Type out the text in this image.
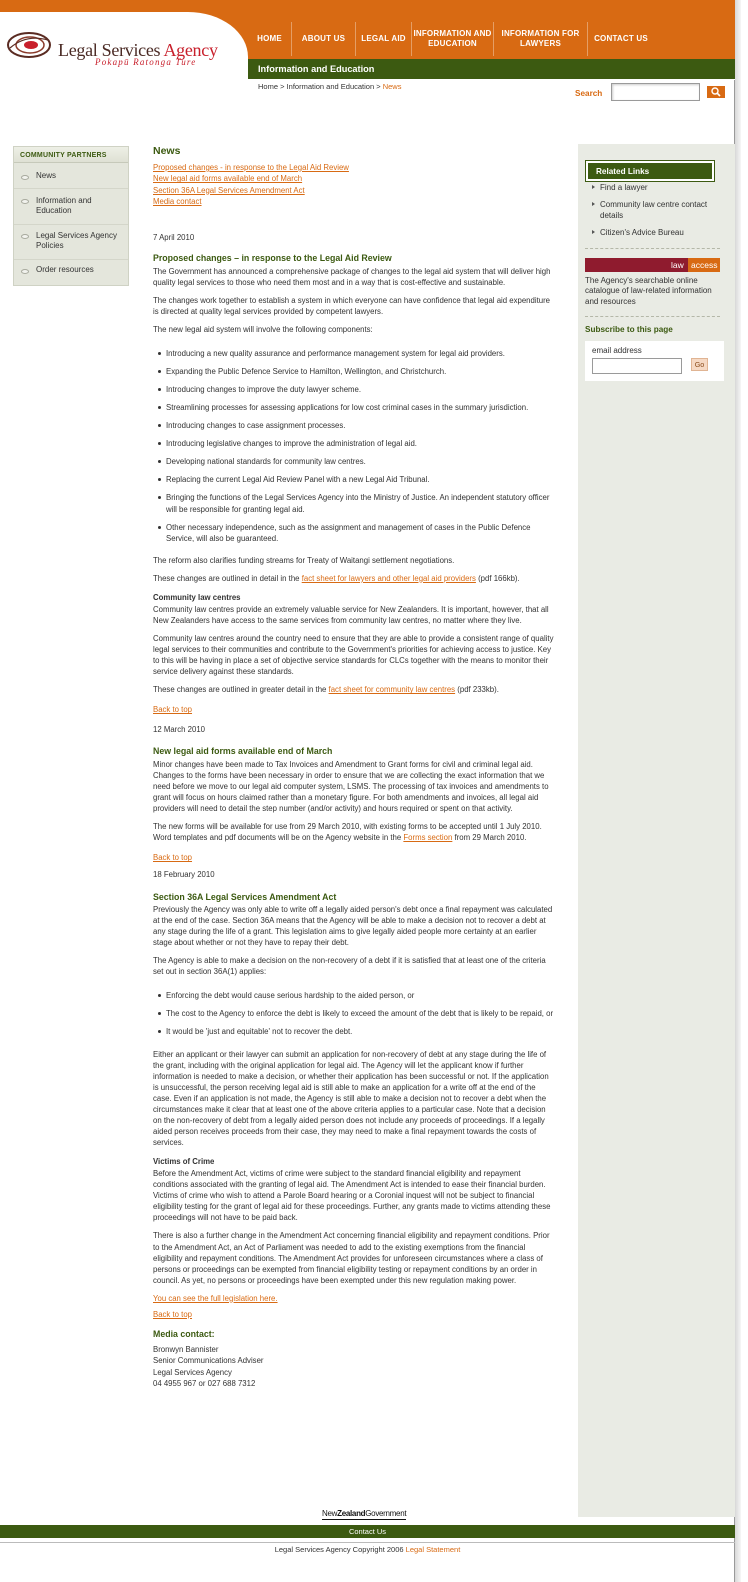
Legal Services Agency
Pokapū Ratonga Ture
HOME	ABOUT US	LEGAL AID
INFORMATION AND EDUCATION
INFORMATION FOR LAWYERS
CONTACT US
Information and Education
Home > Information and Education > News
Search
COMMUNITY PARTNERS
News
Information and Education
Legal Services Agency Policies
Order resources
Related Links
Find a lawyer
Community law centre contact details
Citizen's Advice Bureau
law access
The Agency's searchable online catalogue of law-related information and resources
Subscribe to this page
email address
Go
News
Proposed changes - in response to the Legal Aid Review
New legal aid forms available end of March
Section 36A Legal Services Amendment Act
Media contact
7 April 2010
Proposed changes – in response to the Legal Aid Review

The Government has announced a comprehensive package of changes to the legal aid system that will deliver high quality legal services to those who need them most and in a way that is cost-effective and sustainable.

The changes work together to establish a system in which everyone can have confidence that legal aid expenditure is directed at quality legal services provided by competent lawyers.

The new legal aid system will involve the following components:

Introducing a new quality assurance and performance management system for legal aid providers.
Expanding the Public Defence Service to Hamilton, Wellington, and Christchurch.
Introducing changes to improve the duty lawyer scheme.
Streamlining processes for assessing applications for low cost criminal cases in the summary jurisdiction.
Introducing changes to case assignment processes.
Introducing legislative changes to improve the administration of legal aid.
Developing national standards for community law centres.
Replacing the current Legal Aid Review Panel with a new Legal Aid Tribunal.
Bringing the functions of the Legal Services Agency into the Ministry of Justice. An independent statutory officer will be responsible for granting legal aid.
Other necessary independence, such as the assignment and management of cases in the Public Defence Service, will also be guaranteed.

The reform also clarifies funding streams for Treaty of Waitangi settlement negotiations.

These changes are outlined in detail in the fact sheet for lawyers and other legal aid providers (pdf 166kb).

Community law centres

Community law centres provide an extremely valuable service for New Zealanders. It is important, however, that all New Zealanders have access to the same services from community law centres, no matter where they live.

Community law centres around the country need to ensure that they are able to provide a consistent range of quality legal services to their communities and contribute to the Government's priorities for achieving access to justice. Key to this will be having in place a set of objective service standards for CLCs together with the means to monitor their service delivery against these standards.

These changes are outlined in greater detail in the fact sheet for community law centres (pdf 233kb).

Back to top
12 March 2010
New legal aid forms available end of March

Minor changes have been made to Tax Invoices and Amendment to Grant forms for civil and criminal legal aid. Changes to the forms have been necessary in order to ensure that we are collecting the exact information that we need before we move to our legal aid computer system, LSMS. The processing of tax invoices and amendments to grant will focus on hours claimed rather than a monetary figure. For both amendments and invoices, all legal aid providers will need to detail the step number (and/or activity) and hours required or spent on that activity.

The new forms will be available for use from 29 March 2010, with existing forms to be accepted until 1 July 2010. Word templates and pdf documents will be on the Agency website in the Forms section from 29 March 2010.

Back to top
18 February 2010
Section 36A Legal Services Amendment Act

Previously the Agency was only able to write off a legally aided person's debt once a final repayment was calculated at the end of the case. Section 36A means that the Agency will be able to make a decision not to recover a debt at any stage during the life of a grant. This legislation aims to give legally aided people more certainty at an earlier stage about whether or not they have to repay their debt.

The Agency is able to make a decision on the non-recovery of a debt if it is satisfied that at least one of the criteria set out in section 36A(1) applies:

Enforcing the debt would cause serious hardship to the aided person, or
The cost to the Agency to enforce the debt is likely to exceed the amount of the debt that is likely to be repaid, or
It would be 'just and equitable' not to recover the debt.

Either an applicant or their lawyer can submit an application for non-recovery of debt at any stage during the life of the grant, including with the original application for legal aid. The Agency will let the applicant know if further information is needed to make a decision, or whether their application has been successful or not. If the application is unsuccessful, the person receiving legal aid is still able to make an application for a write off at the end of the case. Even if an application is not made, the Agency is still able to make a decision not to recover a debt when the circumstances make it clear that at least one of the above criteria applies to a particular case. Note that a decision on the non-recovery of debt from a legally aided person does not include any proceeds of proceedings. If a legally aided person receives proceeds from their case, they may need to make a final repayment towards the costs of services.

Victims of Crime

Before the Amendment Act, victims of crime were subject to the standard financial eligibility and repayment conditions associated with the granting of legal aid. The Amendment Act is intended to ease their financial burden. Victims of crime who wish to attend a Parole Board hearing or a Coronial inquest will not be subject to financial eligibility testing for the grant of legal aid for these proceedings. Further, any grants made to victims attending these proceedings will not have to be paid back.

There is also a further change in the Amendment Act concerning financial eligibility and repayment conditions. Prior to the Amendment Act, an Act of Parliament was needed to add to the existing exemptions from the financial eligibility and repayment conditions. The Amendment Act provides for unforeseen circumstances where a class of persons or proceedings can be exempted from financial eligibility testing or repayment conditions by an order in council. As yet, no persons or proceedings have been exempted under this new regulation making power.

You can see the full legislation here.

Back to top
Media contact:
Bronwyn Bannister
Senior Communications Adviser
Legal Services Agency
04 4955 967 or 027 688 7312
NewZealandGovernment
Contact Us
Legal Services Agency Copyright 2006 Legal Statement
